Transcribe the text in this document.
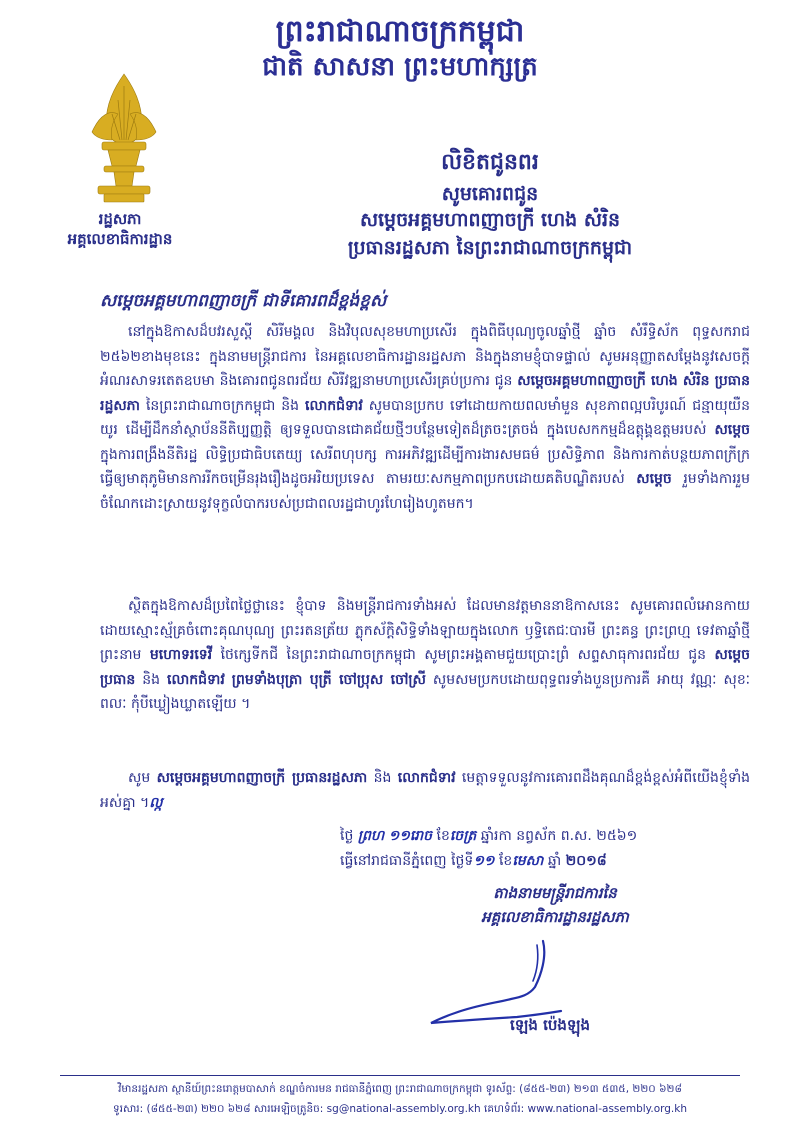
ព្រះរាជាណាចក្រកម្ពុជា
ជាតិ សាសនា ព្រះមហាក្សត្រ
រដ្ឋសភា
អគ្គលេខាធិការដ្ឋាន
លិខិតជូនពរ
សូមគោរពជូន
សម្តេចអគ្គមហាពញាចក្រី ហេង សំរិន
ប្រធានរដ្ឋសភា នៃព្រះរាជាណាចក្រកម្ពុជា
សម្តេចអគ្គមហាពញាចក្រី ជាទីគោរពដ៏ខ្ពង់ខ្ពស់

នៅក្នុងឱកាសដ៏បវរសួស្តី សិរីមង្គល និងវិបុលសុខមហាប្រសើរ ក្នុងពិធីបុណ្យចូលឆ្នាំថ្មី ឆ្នាំច សំរឹទ្ធិស័ក ពុទ្ធសករាជ ២៥៦២ខាងមុខនេះ ក្នុងនាមមន្ត្រីរាជការ នៃអគ្គលេខាធិការដ្ឋានរដ្ឋសភា និងក្នុងនាមខ្ញុំបាទផ្ទាល់ សូមអនុញ្ញាតសម្តែងនូវសេចក្តីអំណរសាទរតេតឧបមា និងគោរពជូនពរជ័យ សិរីវឌ្ឍនាមហាប្រសើរគ្រប់ប្រការ ជូន សម្តេចអគ្គមហាពញាចក្រី ហេង សំរិន ប្រធានរដ្ឋសភា នៃព្រះរាជាណាចក្រកម្ពុជា និង លោកជំទាវ សូមបានប្រកប ទៅដោយកាយពលមាំមួន សុខភាពល្អបរិបូរណ៍ ជន្មាយុយឺនយូរ ដើម្បីដឹកនាំស្ថាប័ននីតិប្បញ្ញត្តិ ឲ្យទទួលបានជោគជ័យថ្មីៗបន្ថែមទៀតដ៏ត្រចះត្រចង់ ក្នុងបេសកកម្មដ៏ឧត្តុង្គឧត្តមរបស់ សម្តេច ក្នុងការពង្រឹងនីតិរដ្ឋ លិទ្ធិប្រជាធិបតេយ្យ សេរីពហុបក្ស ការអភិវឌ្ឍដើម្បីការងារសមធម៌ ប្រសិទ្ធិភាព និងការកាត់បន្ថយភាពក្រីក្រ ធ្វើឲ្យមាតុភូមិមានការរីកចម្រើនរុងរឿងដូចអរិយប្រទេស តាមរយៈសកម្មភាពប្រកបដោយគតិបណ្ឌិតរបស់ សម្តេច រួមទាំងការរួមចំណែកដោះស្រាយនូវទុក្ខលំបាករបស់ប្រជាពលរដ្ឋជាហូរហែរៀងហូតមក។

ស្ថិតក្នុងឱកាសដ៏ប្រពៃថ្លៃថ្លានេះ ខ្ញុំបាទ និងមន្ត្រីរាជការទាំងអស់ ដែលមានវត្តមាននាឱកាសនេះ សូមគោរពលំអោនកាយដោយស្មោះស្ម័គ្រចំពោះគុណបុណ្យ ព្រះរតនត្រ័យ ភ្លុកស័ក្តិសិទ្ធិទាំងឡាយក្នុងលោក ឫទ្ធិតេជៈបារមី ព្រះគន្ធ ព្រះព្រហ្ម ទេវតាឆ្នាំថ្មីព្រះនាម មហោទរទេវី ថៃក្សេទីកជី នៃព្រះរាជាណាចក្រកម្ពុជា សូមព្រះអង្គតាមជួយប្រោះព្រំ សព្ទសាធុការពរជ័យ ជូន សម្តេចប្រធាន និង លោកជំទាវ ព្រមទាំងបុត្រា បុត្រី ចៅប្រុស ចៅស្រី សូមសមប្រកបដោយពុទ្ធពរទាំងបួនប្រការគឺ អាយុ វណ្ណៈ សុខៈ ពលៈ កុំបីឃ្លៀងឃ្លាតឡើយ ។

សូម សម្តេចអគ្គមហាពញាចក្រី ប្រធានរដ្ឋសភា និង លោកជំទាវ មេត្តាទទួលនូវការគោរពដឹងគុណដ៏ខ្ពង់ខ្ពស់អំពីយើងខ្ញុំទាំងអស់គ្នា ។ល្ក

ថ្ងៃ ព្រហ ១១រោច ខែចេត្រ ឆ្នាំរកា នព្វស័ក ព.ស. ២៥៦១
ធ្វើនៅរាជធានីភ្នំពេញ ថ្ងៃទី១១ ខែមេសា ឆ្នាំ ២០១៨
តាងនាមមន្ត្រីរាជការនៃ
អគ្គលេខាធិការដ្ឋានរដ្ឋសភា
ឡេង ប៉េងឡុង
វិមានរដ្ឋសភា ស្ថានីយ៍ព្រះនរោត្តមបាសាក់ ខណ្ឌចំការមន រាជធានីភ្នំពេញ ព្រះរាជាណាចក្រកម្ពុជា ទូរស័ព្ទ: (៨៥៥-២៣) ២១៣ ៥៣៥, ២២០ ៦២៨
ទូរសារ: (៨៥៥-២៣) ២២០ ៦២៨ សារអេឡិចត្រូនិច: sg@national-assembly.org.kh គេហទំព័រ: www.national-assembly.org.kh
